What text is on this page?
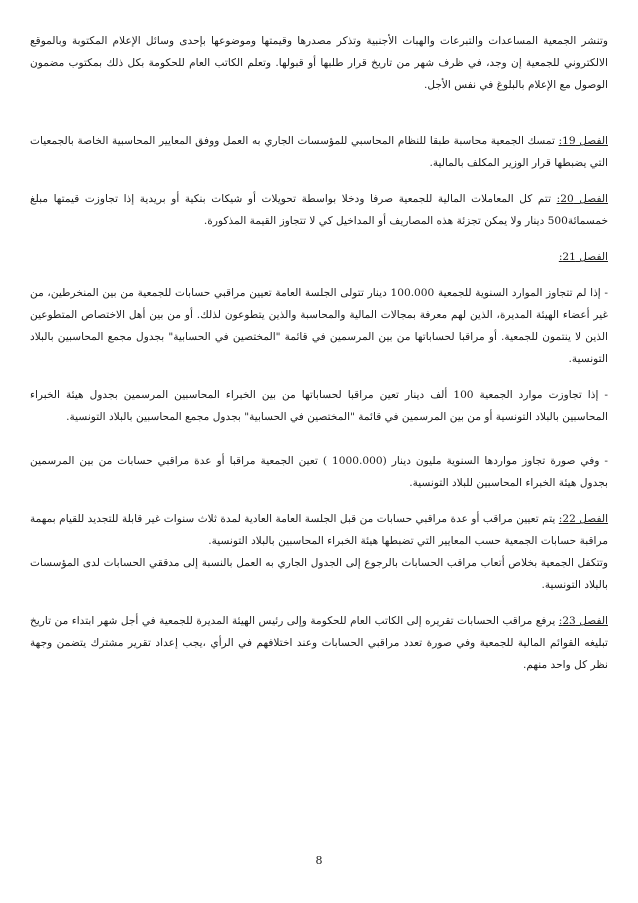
وتنشر الجمعية المساعدات والتبرعات والهبات الأجنبية وتذكر مصدرها وقيمتها وموضوعها بإحدى وسائل الإعلام المكتوبة وبالموقع الالكتروني للجمعية إن وجد، في ظرف شهر من تاريخ قرار طلبها أو قبولها. وتعلم الكاتب العام للحكومة بكل ذلك بمكتوب مضمون الوصول مع الإعلام بالبلوغ في نفس الأجل.

الفصل 19: تمسك الجمعية محاسبة طبقا للنظام المحاسبي للمؤسسات الجاري به العمل ووفق المعايير المحاسبية الخاصة بالجمعيات التي يضبطها قرار الوزير المكلف بالمالية.

الفصل 20: تتم كل المعاملات المالية للجمعية صرفا ودخلا بواسطة تحويلات أو شيكات بنكية أو بريدية إذا تجاوزت قيمتها مبلغ خمسمائة500 دينار ولا يمكن تجزئة هذه المصاريف أو المداخيل كي لا تتجاوز القيمة المذكورة.

الفصل 21:

- إذا لم تتجاوز الموارد السنوية للجمعية 100.000 دينار تتولى الجلسة العامة تعيين مراقبي حسابات للجمعية من بين المنخرطين، من غير أعضاء الهيئة المديرة، الذين لهم معرفة بمجالات المالية والمحاسبة والذين يتطوعون لذلك. أو من بين أهل الاختصاص المتطوعين الذين لا ينتمون للجمعية. أو مراقبا لحساباتها من بين المرسمين في قائمة "المختصين في الحسابية" بجدول مجمع المحاسبين بالبلاد التونسية.

- إذا تجاوزت موارد الجمعية 100 ألف دينار تعين مراقبا لحساباتها من بين الخبراء المحاسبين المرسمين بجدول هيئة الخبراء المحاسبين بالبلاد التونسية أو من بين المرسمين في قائمة "المختصين في الحسابية" بجدول مجمع المحاسبين بالبلاد التونسية.

- وفي صورة تجاوز مواردها السنوية مليون دينار (1000.000 ) تعين الجمعية مراقبا أو عدة مراقبي حسابات من بين المرسمين بجدول هيئة الخبراء المحاسبين للبلاد التونسية.

الفصل 22: يتم تعيين مراقب أو عدة مراقبي حسابات من قبل الجلسة العامة العادية لمدة ثلاث سنوات غير قابلة للتجديد للقيام بمهمة مراقبة حسابات الجمعية حسب المعايير التي تضبطها هيئة الخبراء المحاسبين بالبلاد التونسية.

وتتكفل الجمعية بخلاص أتعاب مراقب الحسابات بالرجوع إلى الجدول الجاري به العمل بالنسبة إلى مدققي الحسابات لدى المؤسسات بالبلاد التونسية.

الفصل 23: يرفع مراقب الحسابات تقريره إلى الكاتب العام للحكومة وإلى رئيس الهيئة المديرة للجمعية في أجل شهر ابتداء من تاريخ تبليغه القوائم المالية للجمعية وفي صورة تعدد مراقبي الحسابات وعند اختلافهم في الرأي ،يجب إعداد تقرير مشترك يتضمن وجهة نظر كل واحد منهم.

8
